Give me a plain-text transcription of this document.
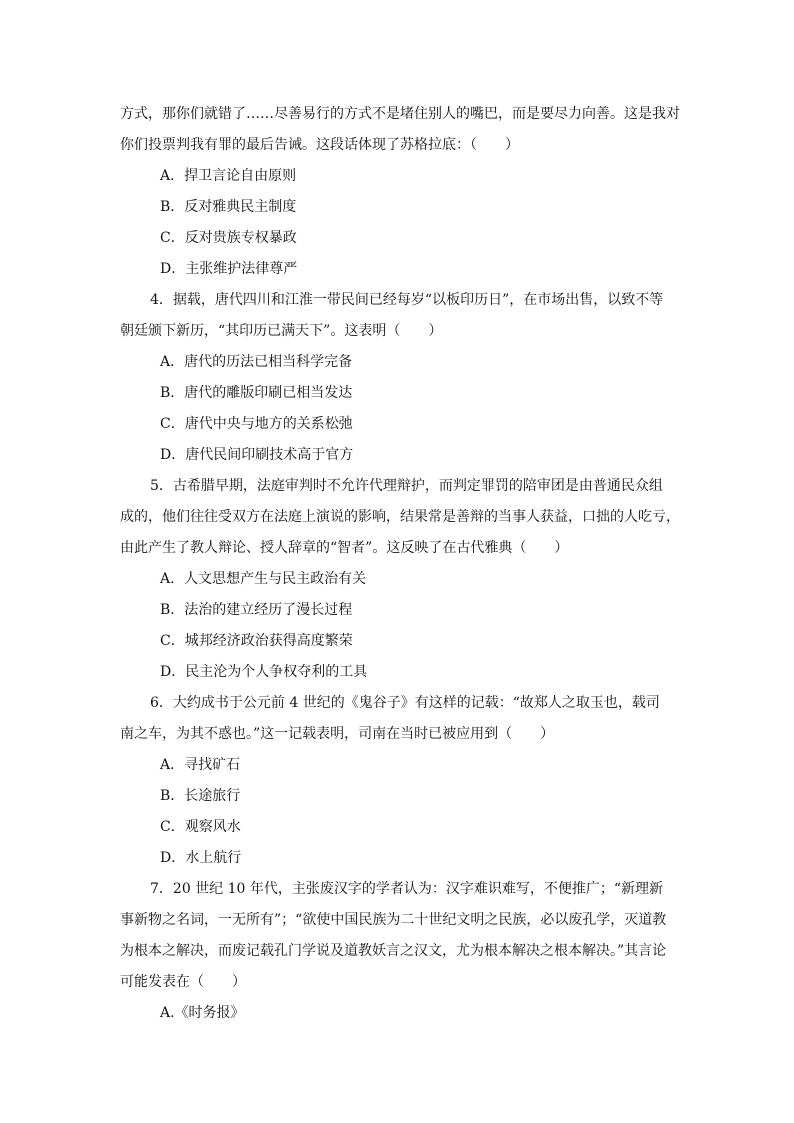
方式，那你们就错了……尽善易行的方式不是堵住别人的嘴巴，而是要尽力向善。这是我对
你们投票判我有罪的最后告诫。这段话体现了苏格拉底：（　　）
A．捍卫言论自由原则
B．反对雅典民主制度
C．反对贵族专权暴政
D．主张维护法律尊严
4．据载，唐代四川和江淮一带民间已经每岁“以板印历日”，在市场出售，以致不等
朝廷颁下新历，“其印历已满天下”。这表明（　　）
A．唐代的历法已相当科学完备
B．唐代的雕版印刷已相当发达
C．唐代中央与地方的关系松弛
D．唐代民间印刷技术高于官方
5．古希腊早期，法庭审判时不允许代理辩护，而判定罪罚的陪审团是由普通民众组
成的，他们往往受双方在法庭上演说的影响，结果常是善辩的当事人获益，口拙的人吃亏，
由此产生了教人辩论、授人辞章的“智者”。这反映了在古代雅典（　　）
A．人文思想产生与民主政治有关
B．法治的建立经历了漫长过程
C．城邦经济政治获得高度繁荣
D．民主沦为个人争权夺利的工具
6．大约成书于公元前 4 世纪的《鬼谷子》有这样的记载：“故郑人之取玉也，载司
南之车，为其不惑也。”这一记载表明，司南在当时已被应用到（　　）
A．寻找矿石
B．长途旅行
C．观察风水
D．水上航行
7．20 世纪 10 年代，主张废汉字的学者认为：汉字难识难写，不便推广；“新理新
事新物之名词，一无所有”；“欲使中国民族为二十世纪文明之民族，必以废孔学，灭道教
为根本之解决，而废记载孔门学说及道教妖言之汉文，尤为根本解决之根本解决。”其言论
可能发表在（　　）
A.《时务报》
